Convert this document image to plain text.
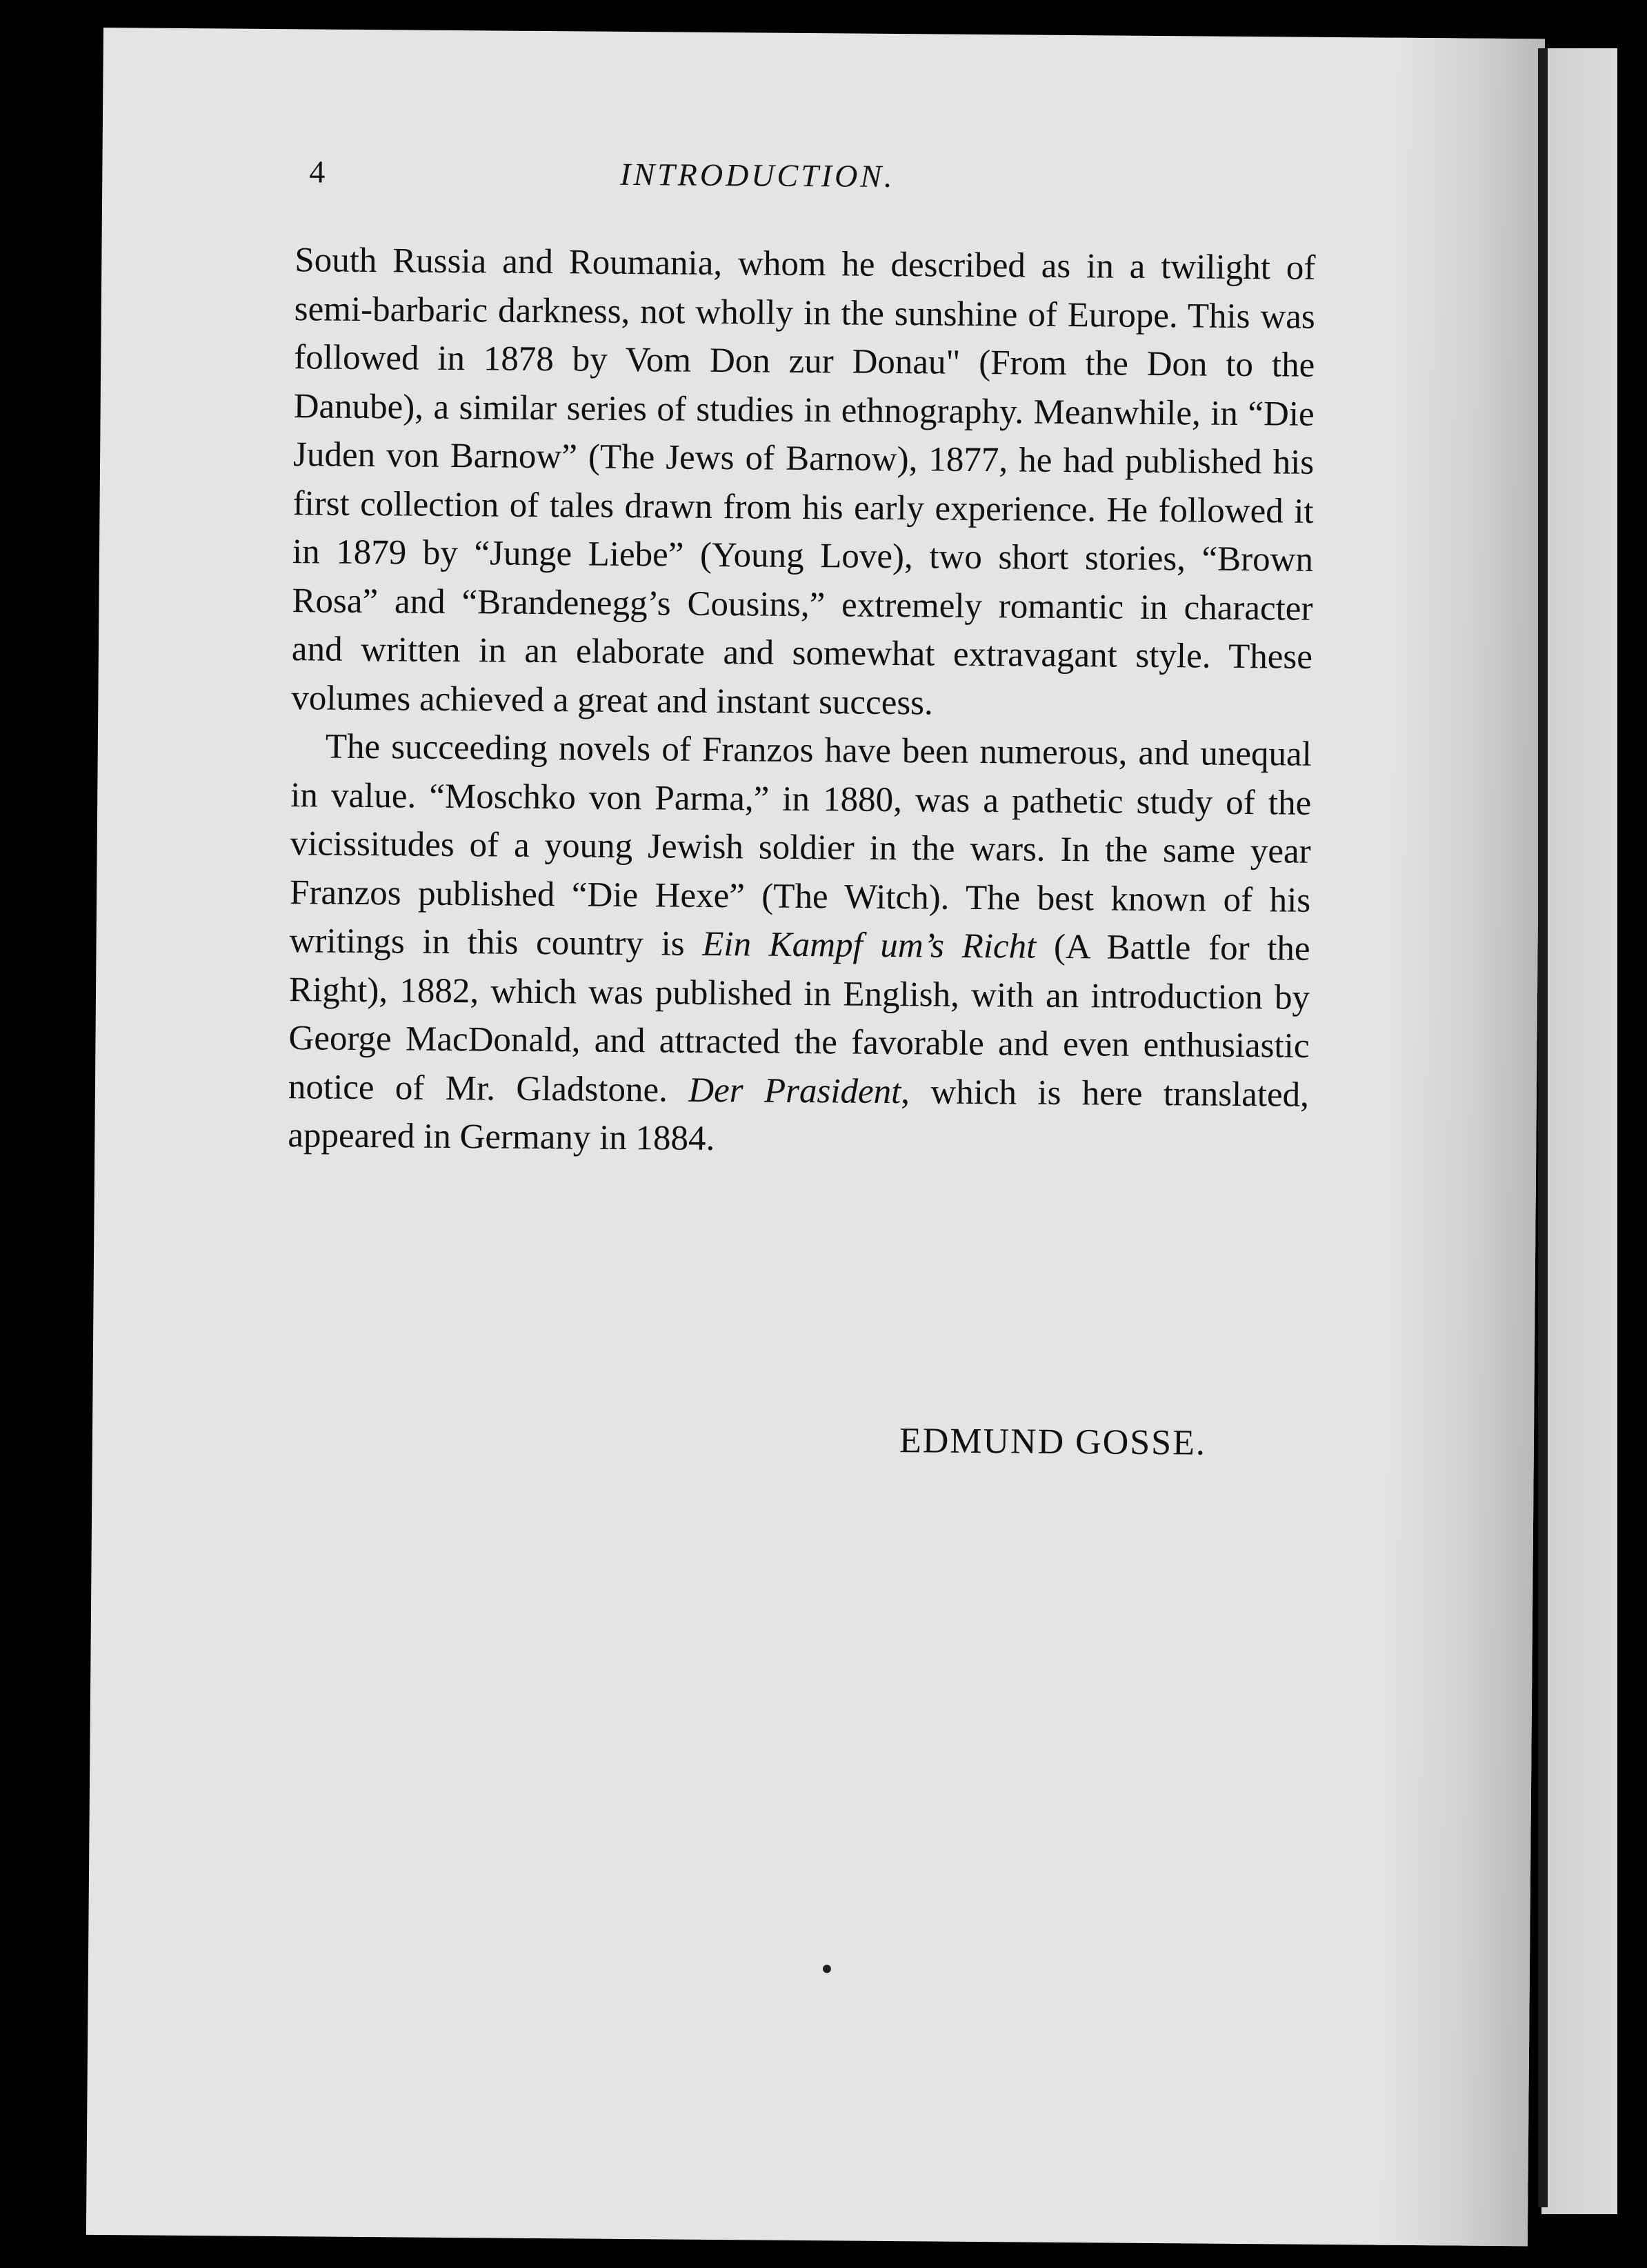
4	INTRODUCTION.

South Russia and Roumania, whom he described as in a twilight of semi-barbaric darkness, not wholly in the sunshine of Europe. This was followed in 1878 by Vom Don zur Donau" (From the Don to the Danube), a similar series of studies in ethnography. Meanwhile, in “Die Juden von Barnow” (The Jews of Barnow), 1877, he had published his first collection of tales drawn from his early experience. He followed it in 1879 by “Junge Liebe” (Young Love), two short stories, “Brown Rosa” and “Brandenegg’s Cousins,” extremely romantic in character and written in an elaborate and somewhat extravagant style. These volumes achieved a great and instant success.

The succeeding novels of Franzos have been numerous, and unequal in value. “Moschko von Parma,” in 1880, was a pathetic study of the vicissitudes of a young Jewish soldier in the wars. In the same year Franzos published “Die Hexe” (The Witch). The best known of his writings in this country is Ein Kampf um’s Richt (A Battle for the Right), 1882, which was published in English, with an introduction by George MacDonald, and attracted the favorable and even enthusiastic notice of Mr. Gladstone. Der Prasident, which is here translated, appeared in Germany in 1884.

EDMUND GOSSE.
